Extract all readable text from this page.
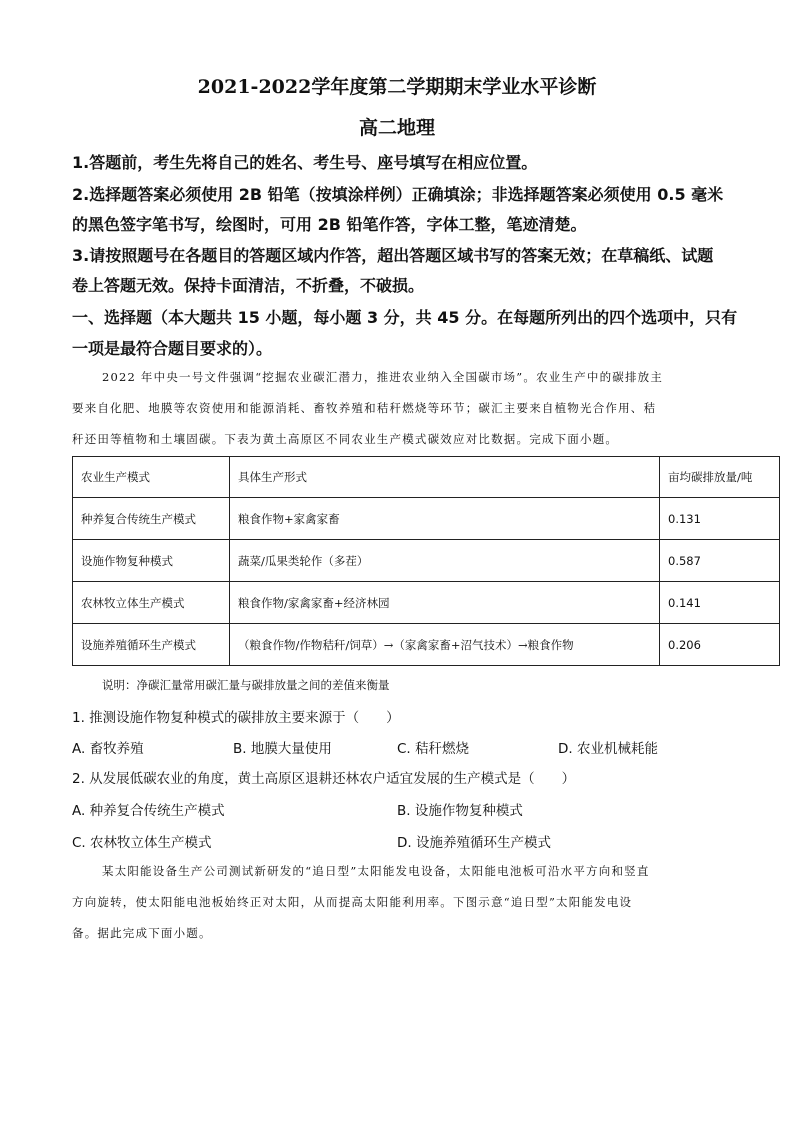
2021-2022学年度第二学期期末学业水平诊断
高二地理
1.答题前，考生先将自己的姓名、考生号、座号填写在相应位置。
2.选择题答案必须使用 2B 铅笔（按填涂样例）正确填涂；非选择题答案必须使用 0.5 毫米
的黑色签字笔书写，绘图时，可用 2B 铅笔作答，字体工整，笔迹清楚。
3.请按照题号在各题目的答题区域内作答，超出答题区域书写的答案无效；在草稿纸、试题
卷上答题无效。保持卡面清洁，不折叠，不破损。
一、选择题（本大题共 15 小题，每小题 3 分，共 45 分。在每题所列出的四个选项中，只有
一项是最符合题目要求的）。
2022 年中央一号文件强调“挖掘农业碳汇潜力，推进农业纳入全国碳市场”。农业生产中的碳排放主
要来自化肥、地膜等农资使用和能源消耗、畜牧养殖和秸秆燃烧等环节；碳汇主要来自植物光合作用、秸
秆还田等植物和土壤固碳。下表为黄土高原区不同农业生产模式碳效应对比数据。完成下面小题。
农业生产模式	具体生产形式	亩均碳排放量/吨
种养复合传统生产模式	粮食作物+家禽家畜	0.131
设施作物复种模式	蔬菜/瓜果类轮作（多茬）	0.587
农林牧立体生产模式	粮食作物/家禽家畜+经济林园	0.141
设施养殖循环生产模式	（粮食作物/作物秸秆/饲草）→（家禽家畜+沼气技术）→粮食作物	0.206
说明：净碳汇量常用碳汇量与碳排放量之间的差值来衡量
1. 推测设施作物复种模式的碳排放主要来源于（　　）
A. 畜牧养殖	B. 地膜大量使用	C. 秸秆燃烧	D. 农业机械耗能
2. 从发展低碳农业的角度，黄土高原区退耕还林农户适宜发展的生产模式是（　　）
A. 种养复合传统生产模式	B. 设施作物复种模式
C. 农林牧立体生产模式	D. 设施养殖循环生产模式
某太阳能设备生产公司测试新研发的“追日型”太阳能发电设备，太阳能电池板可沿水平方向和竖直
方向旋转，使太阳能电池板始终正对太阳，从而提高太阳能利用率。下图示意“追日型”太阳能发电设
备。据此完成下面小题。
